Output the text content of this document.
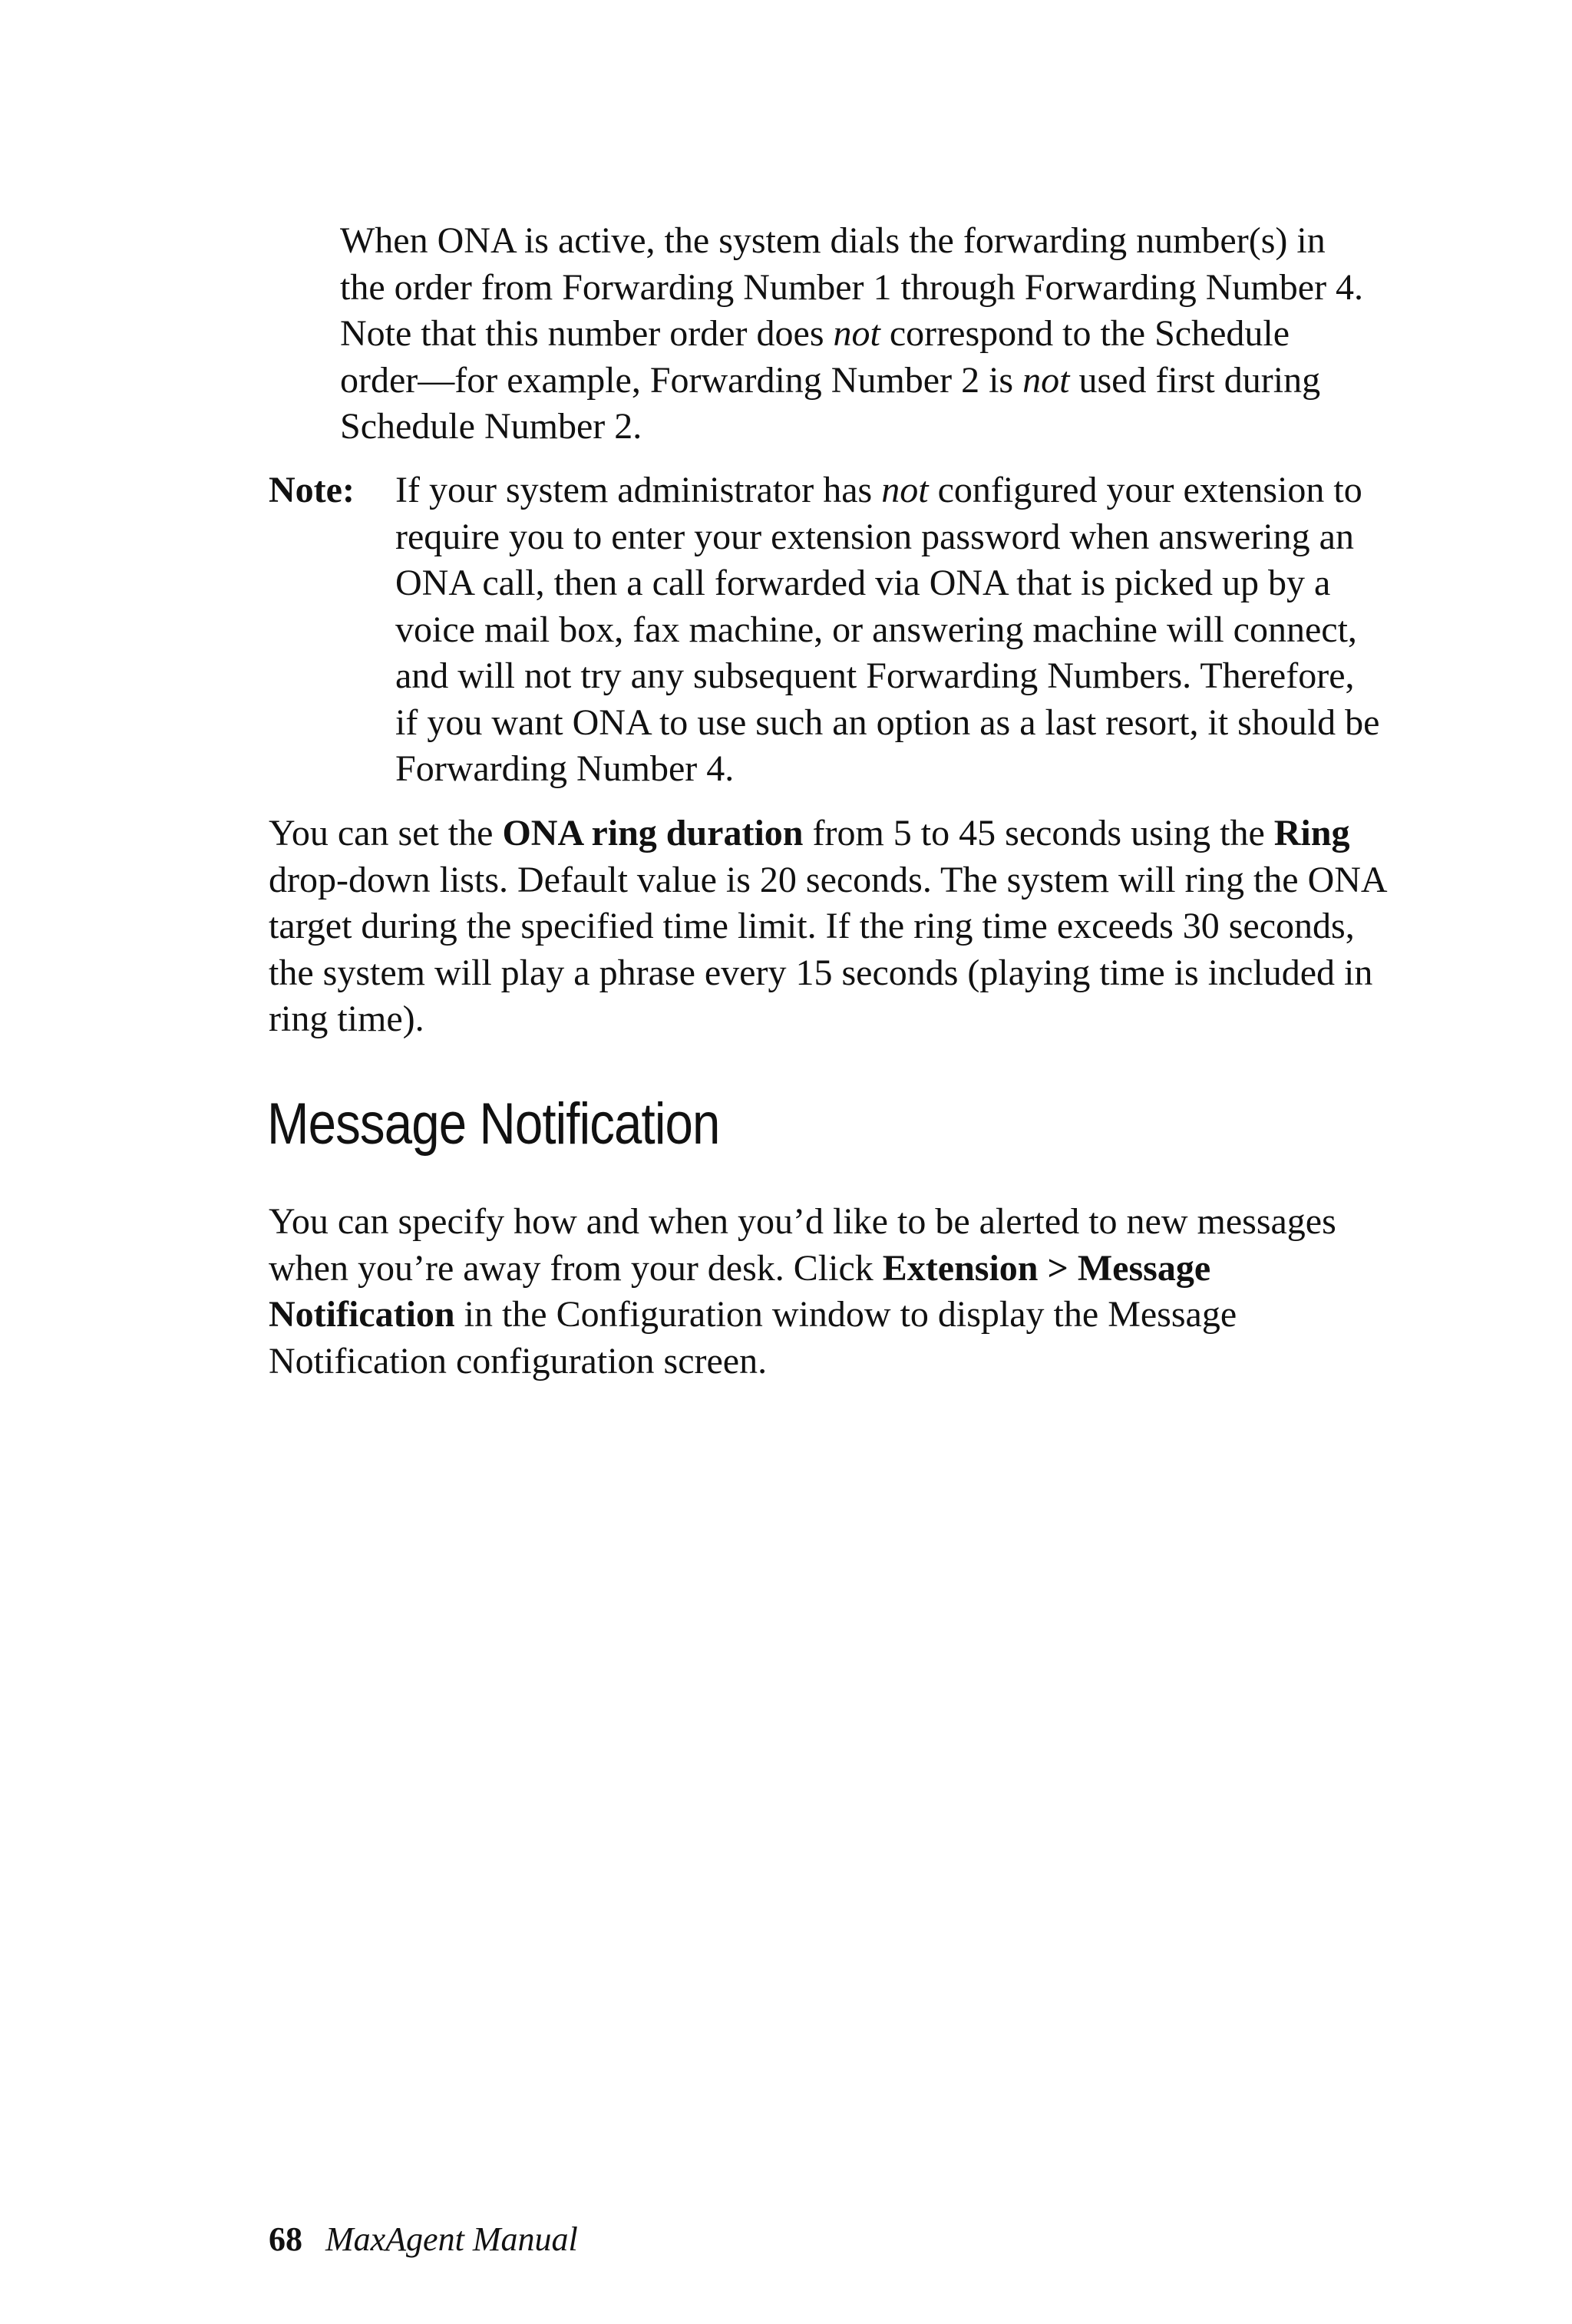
When ONA is active, the system dials the forwarding number(s) in
the order from Forwarding Number 1 through Forwarding Number 4.
Note that this number order does not correspond to the Schedule
order—for example, Forwarding Number 2 is not used first during
Schedule Number 2.
Note: If your system administrator has not configured your extension to
require you to enter your extension password when answering an
ONA call, then a call forwarded via ONA that is picked up by a
voice mail box, fax machine, or answering machine will connect,
and will not try any subsequent Forwarding Numbers. Therefore,
if you want ONA to use such an option as a last resort, it should be
Forwarding Number 4.
You can set the ONA ring duration from 5 to 45 seconds using the Ring
drop-down lists. Default value is 20 seconds. The system will ring the ONA
target during the specified time limit. If the ring time exceeds 30 seconds,
the system will play a phrase every 15 seconds (playing time is included in
ring time).
Message Notification
You can specify how and when you’d like to be alerted to new messages
when you’re away from your desk. Click Extension > Message
Notification in the Configuration window to display the Message
Notification configuration screen.
68 MaxAgent Manual
